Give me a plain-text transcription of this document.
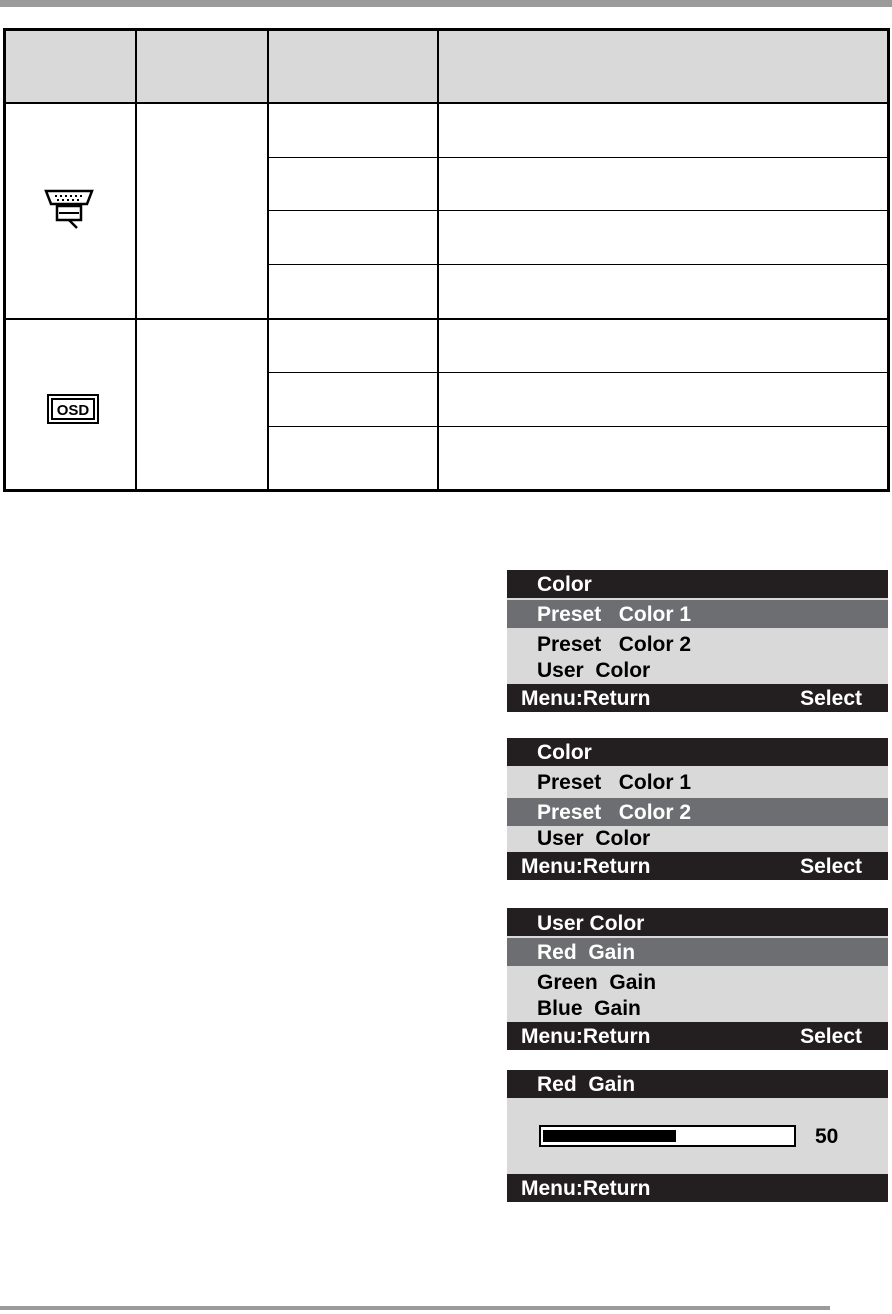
OSD
Color
Preset   Color 1
Preset   Color 2
User  Color
Menu:Return	Select
Color
Preset   Color 1
Preset   Color 2
User  Color
Menu:Return	Select
User Color
Red  Gain
Green  Gain
Blue  Gain
Menu:Return	Select
Red  Gain
Menu:Return

: Adjust

50
